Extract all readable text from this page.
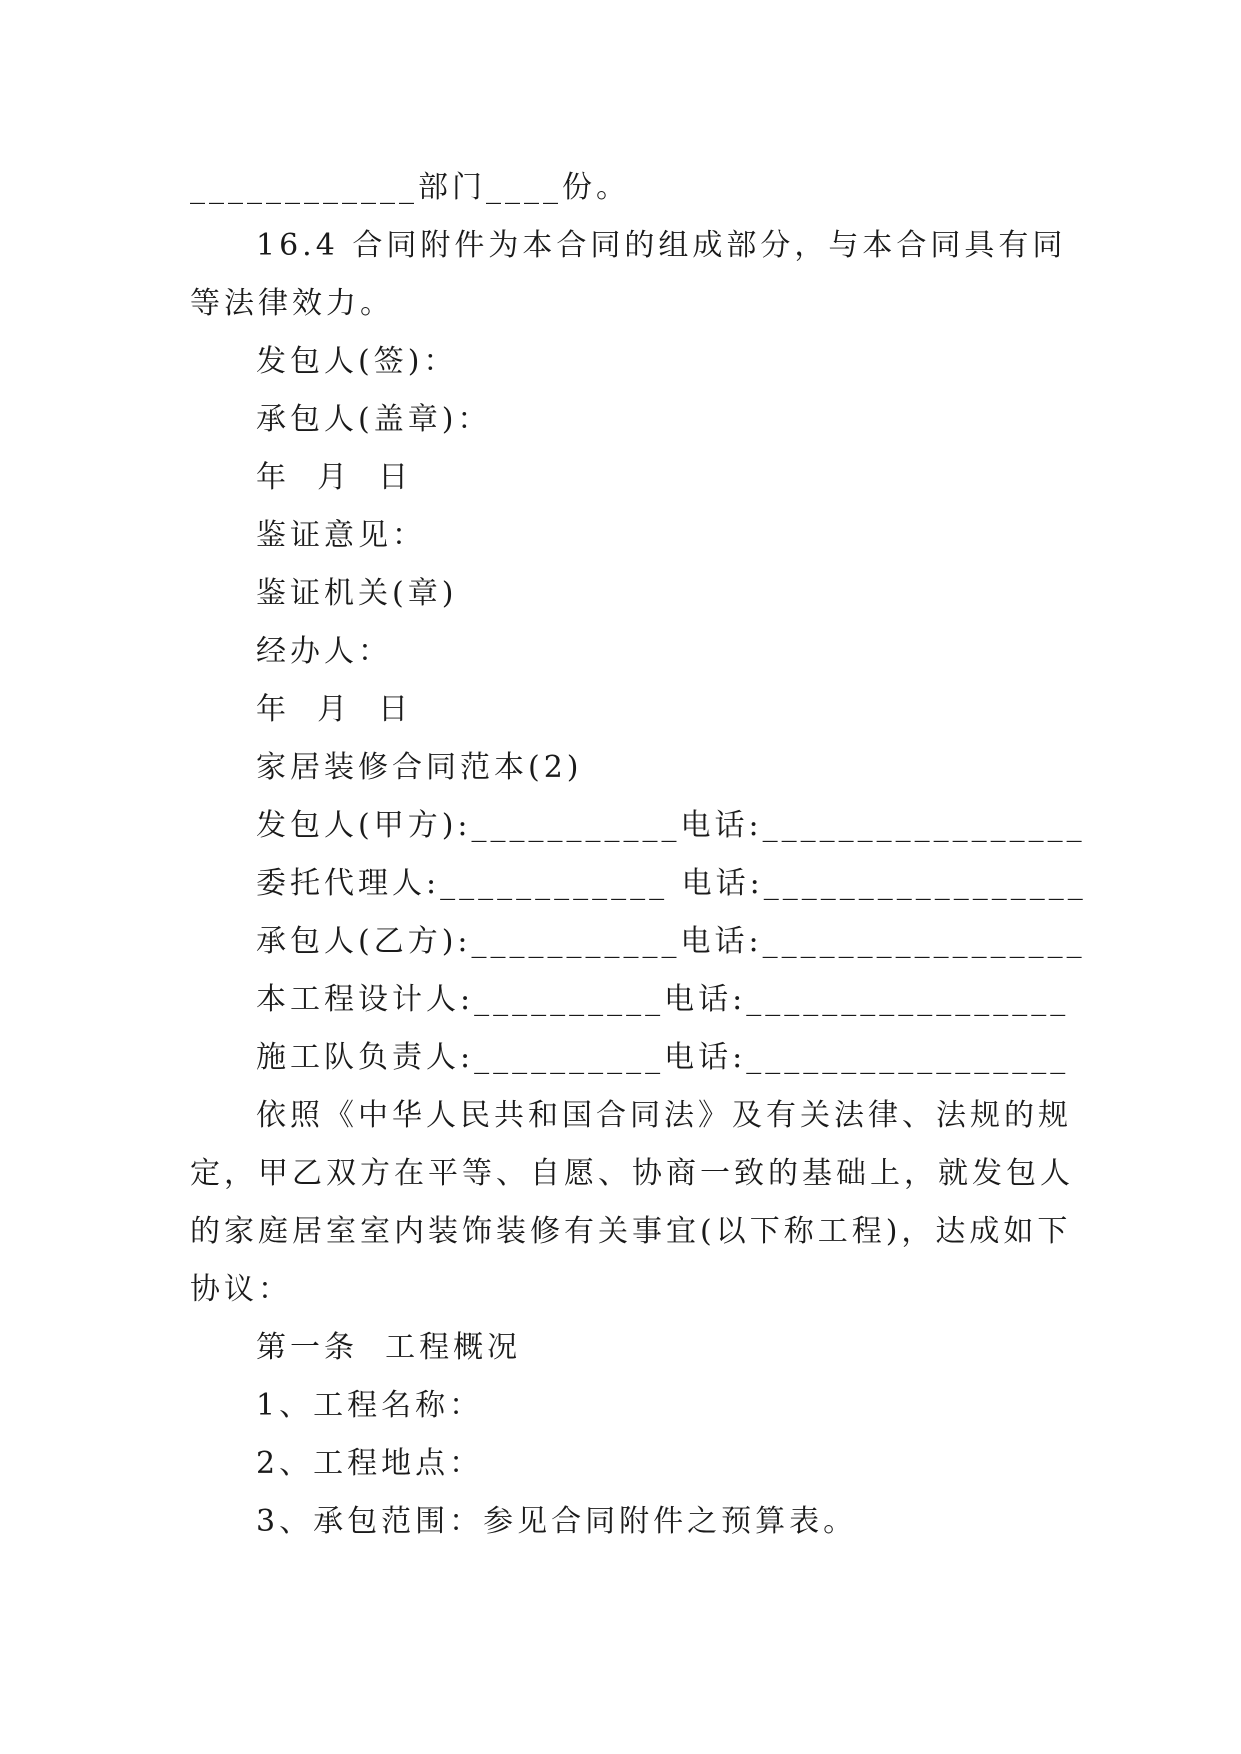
____________部门____份。
16.4 合同附件为本合同的组成部分，与本合同具有同
等法律效力。
发包人(签)：
承包人(盖章)：
年  月  日
鉴证意见：
鉴证机关(章)
经办人：
年  月  日
家居装修合同范本(2)
发包人(甲方):___________电话:_________________
委托代理人:____________ 电话:_________________
承包人(乙方):___________电话:_________________
本工程设计人:__________电话:_________________
施工队负责人:__________电话:_________________
依照《中华人民共和国合同法》及有关法律、法规的规
定，甲乙双方在平等、自愿、协商一致的基础上，就发包人
的家庭居室室内装饰装修有关事宜(以下称工程)，达成如下
协议：
第一条  工程概况
1、工程名称：
2、工程地点：
3、承包范围：参见合同附件之预算表。
